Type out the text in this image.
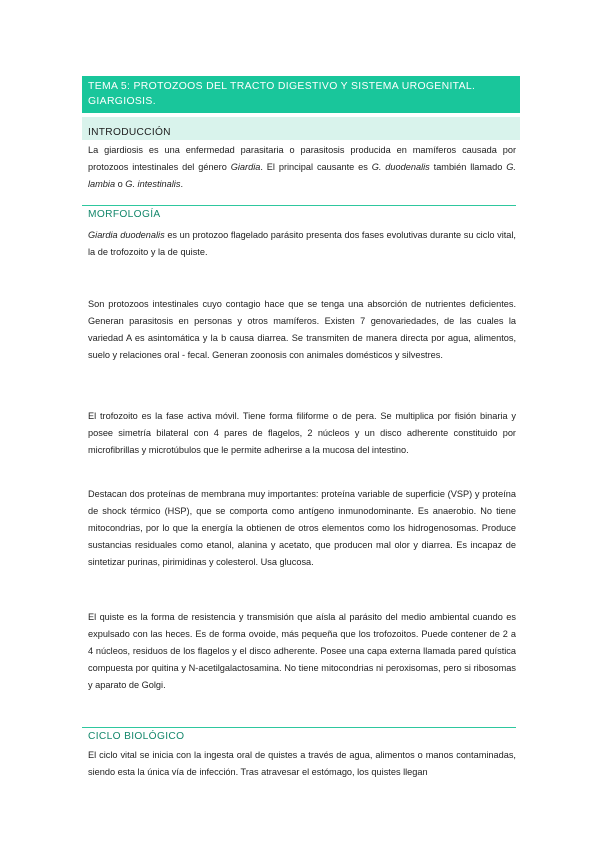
TEMA 5: PROTOZOOS DEL TRACTO DIGESTIVO Y SISTEMA UROGENITAL. GIARGIOSIS.
INTRODUCCIÓN

La giardiosis es una enfermedad parasitaria o parasitosis producida en mamíferos causada por protozoos intestinales del género Giardia. El principal causante es G. duodenalis también llamado G. lambia o G. intestinalis.

MORFOLOGÍA

Giardia duodenalis es un protozoo flagelado parásito presenta dos fases evolutivas durante su ciclo vital, la de trofozoito y la de quiste.

Son protozoos intestinales cuyo contagio hace que se tenga una absorción de nutrientes deficientes. Generan parasitosis en personas y otros mamíferos. Existen 7 genovariedades, de las cuales la variedad A es asintomática y la b causa diarrea. Se transmiten de manera directa por agua, alimentos, suelo y relaciones oral - fecal. Generan zoonosis con animales domésticos y silvestres.

El trofozoito es la fase activa móvil. Tiene forma filiforme o de pera. Se multiplica por fisión binaria y posee simetría bilateral con 4 pares de flagelos, 2 núcleos y un disco adherente constituido por microfibrillas y microtúbulos que le permite adherirse a la mucosa del intestino.

Destacan dos proteínas de membrana muy importantes: proteína variable de superficie (VSP) y proteína de shock térmico (HSP), que se comporta como antígeno inmunodominante. Es anaerobio. No tiene mitocondrias, por lo que la energía la obtienen de otros elementos como los hidrogenosomas. Produce sustancias residuales como etanol, alanina y acetato, que producen mal olor y diarrea. Es incapaz de sintetizar purinas, pirimidinas y colesterol. Usa glucosa.

El quiste es la forma de resistencia y transmisión que aísla al parásito del medio ambiental cuando es expulsado con las heces. Es de forma ovoide, más pequeña que los trofozoitos. Puede contener de 2 a 4 núcleos, residuos de los flagelos y el disco adherente. Posee una capa externa llamada pared quística compuesta por quitina y N-acetilgalactosamina. No tiene mitocondrias ni peroxisomas, pero si ribosomas y aparato de Golgi.

CICLO BIOLÓGICO

El ciclo vital se inicia con la ingesta oral de quistes a través de agua, alimentos o manos contaminadas, siendo esta la única vía de infección. Tras atravesar el estómago, los quistes llegan
